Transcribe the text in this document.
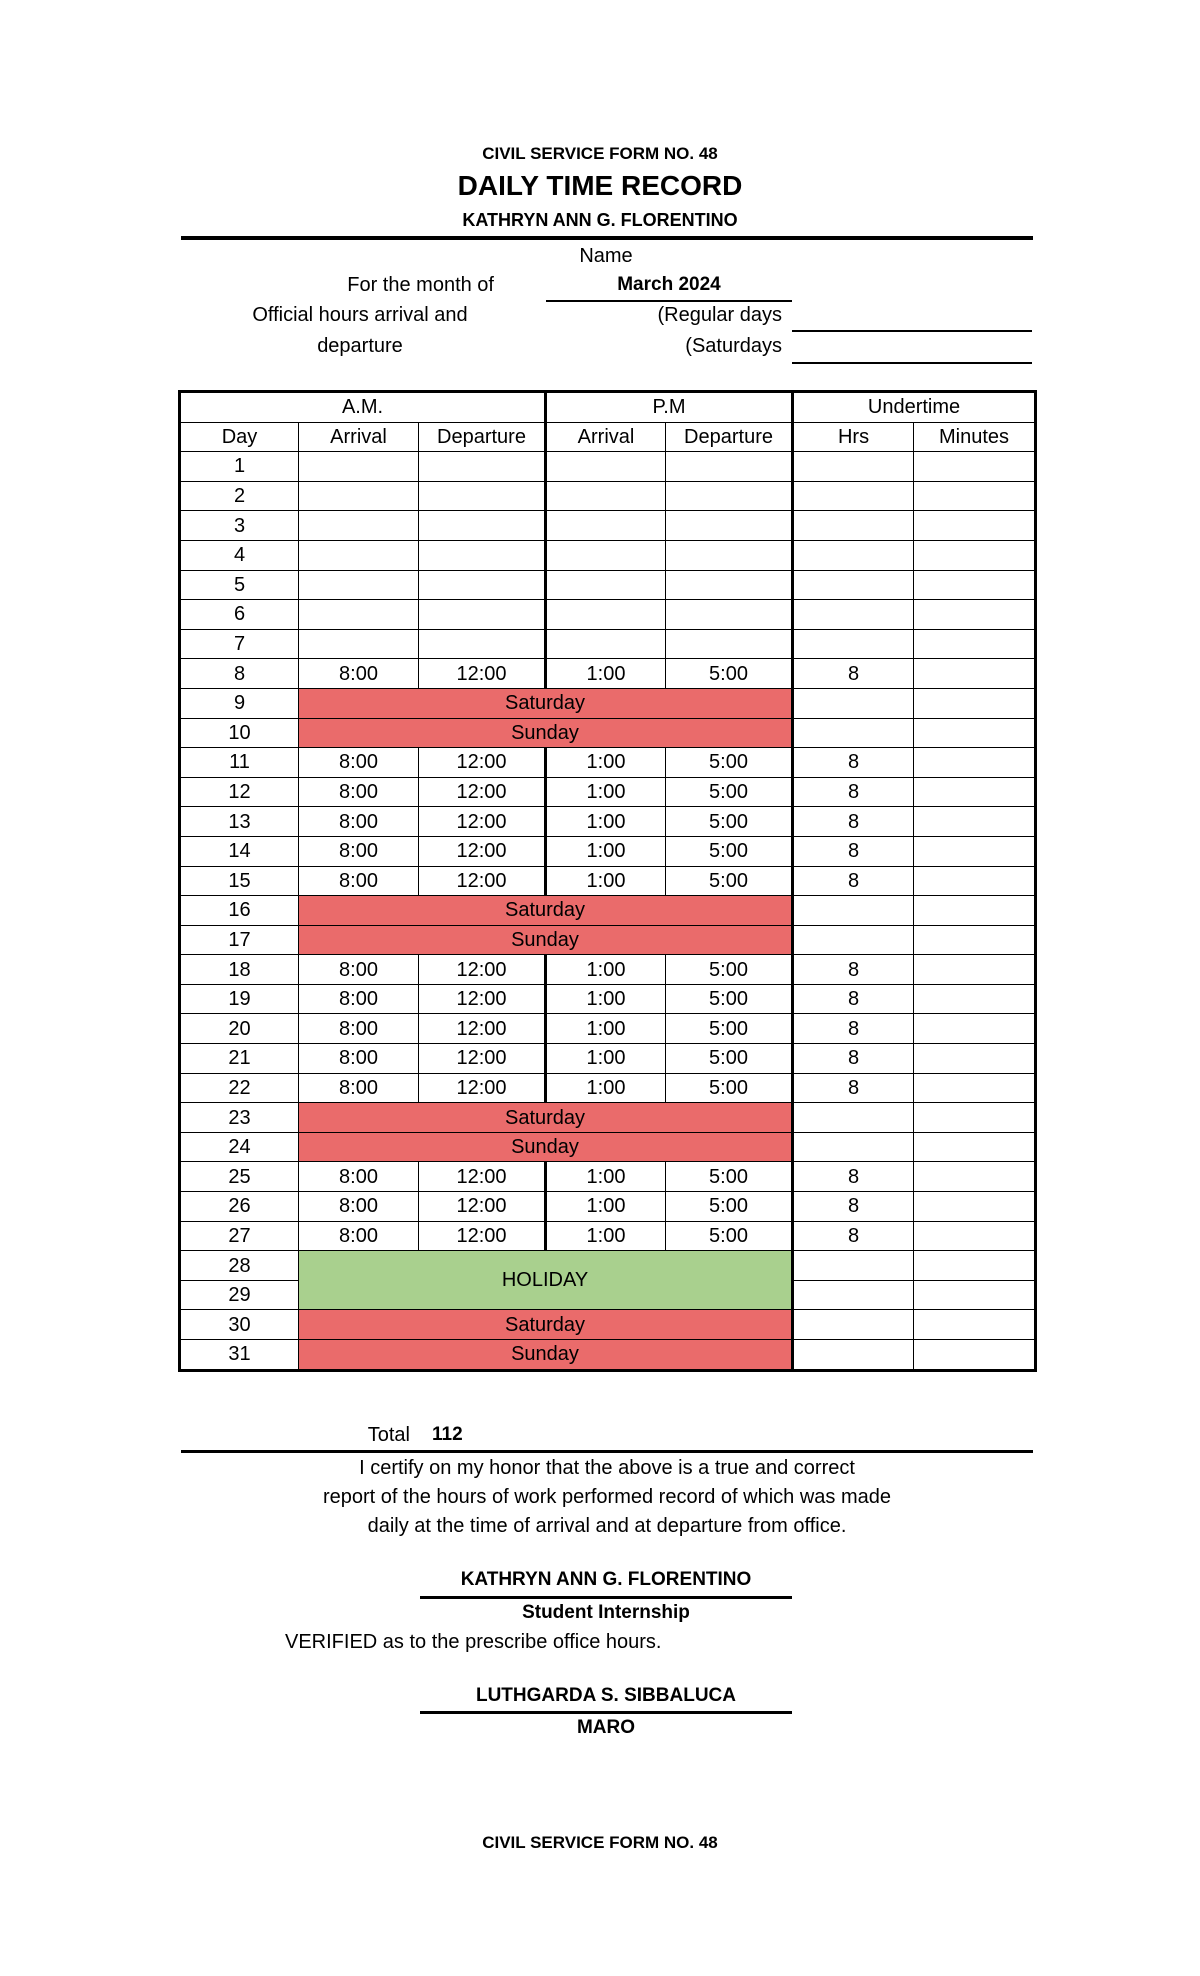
CIVIL SERVICE FORM NO. 48
DAILY TIME RECORD
KATHRYN ANN G. FLORENTINO
Name
For the month of	March 2024
Official hours arrival and
departure
(Regular days
(Saturdays
A.M.			P.M		Undertime	
Day	Arrival	Departure	Arrival	Departure	Hrs	Minutes
1						
2						
3						
4						
5						
6						
7						
8	8:00	12:00	1:00	5:00	8	
9	Saturday					
10	Sunday					
11	8:00	12:00	1:00	5:00	8	
12	8:00	12:00	1:00	5:00	8	
13	8:00	12:00	1:00	5:00	8	
14	8:00	12:00	1:00	5:00	8	
15	8:00	12:00	1:00	5:00	8	
16	Saturday					
17	Sunday					
18	8:00	12:00	1:00	5:00	8	
19	8:00	12:00	1:00	5:00	8	
20	8:00	12:00	1:00	5:00	8	
21	8:00	12:00	1:00	5:00	8	
22	8:00	12:00	1:00	5:00	8	
23	Saturday					
24	Sunday					
25	8:00	12:00	1:00	5:00	8	
26	8:00	12:00	1:00	5:00	8	
27	8:00	12:00	1:00	5:00	8	
28	HOLIDAY					
29						
30	Saturday					
31	Sunday					
Total 112
I certify on my honor that the above is a true and correct
report of the hours of work performed record of which was made
daily at the time of arrival and at departure from office.
KATHRYN ANN G. FLORENTINO
Student Internship
VERIFIED as to the prescribe office hours.
LUTHGARDA S. SIBBALUCA
MARO
CIVIL SERVICE FORM NO. 48
